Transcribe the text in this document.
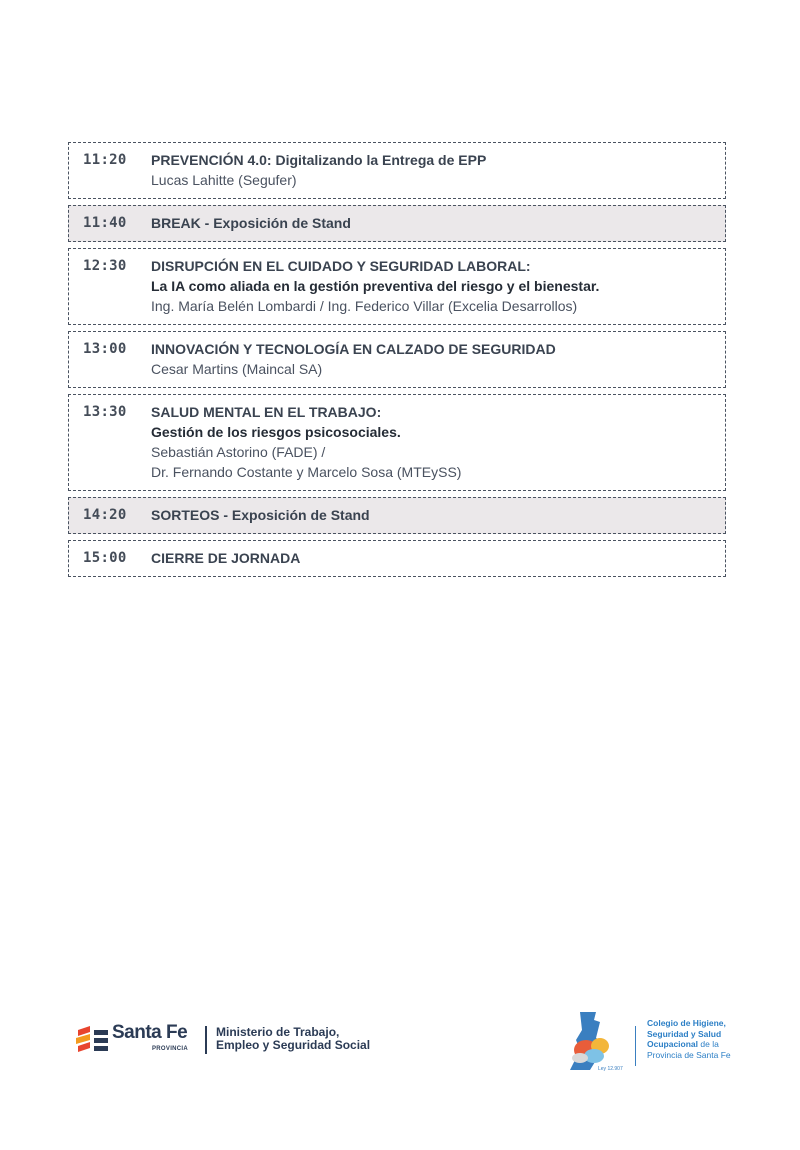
11:20	PREVENCIÓN 4.0: Digitalizando la Entrega de EPP
Lucas Lahitte (Segufer)
11:40	BREAK - Exposición de Stand
12:30	DISRUPCIÓN EN EL CUIDADO Y SEGURIDAD LABORAL:
La IA como aliada en la gestión preventiva del riesgo y el bienestar.
Ing. María Belén Lombardi / Ing. Federico Villar (Excelia Desarrollos)
13:00	INNOVACIÓN Y TECNOLOGÍA EN CALZADO DE SEGURIDAD
Cesar Martins (Maincal SA)
13:30	SALUD MENTAL EN EL TRABAJO:
Gestión de los riesgos psicosociales.
Sebastián Astorino (FADE) /
Dr. Fernando Costante y Marcelo Sosa (MTEySS)
14:20	SORTEOS - Exposición de Stand
15:00	CIERRE DE JORNADA
Santa Fe
PROVINCIA
Ministerio de Trabajo,
Empleo y Seguridad Social
Ley 12.907
Colegio de Higiene,
Seguridad y Salud
Ocupacional de la
Provincia de Santa Fe
